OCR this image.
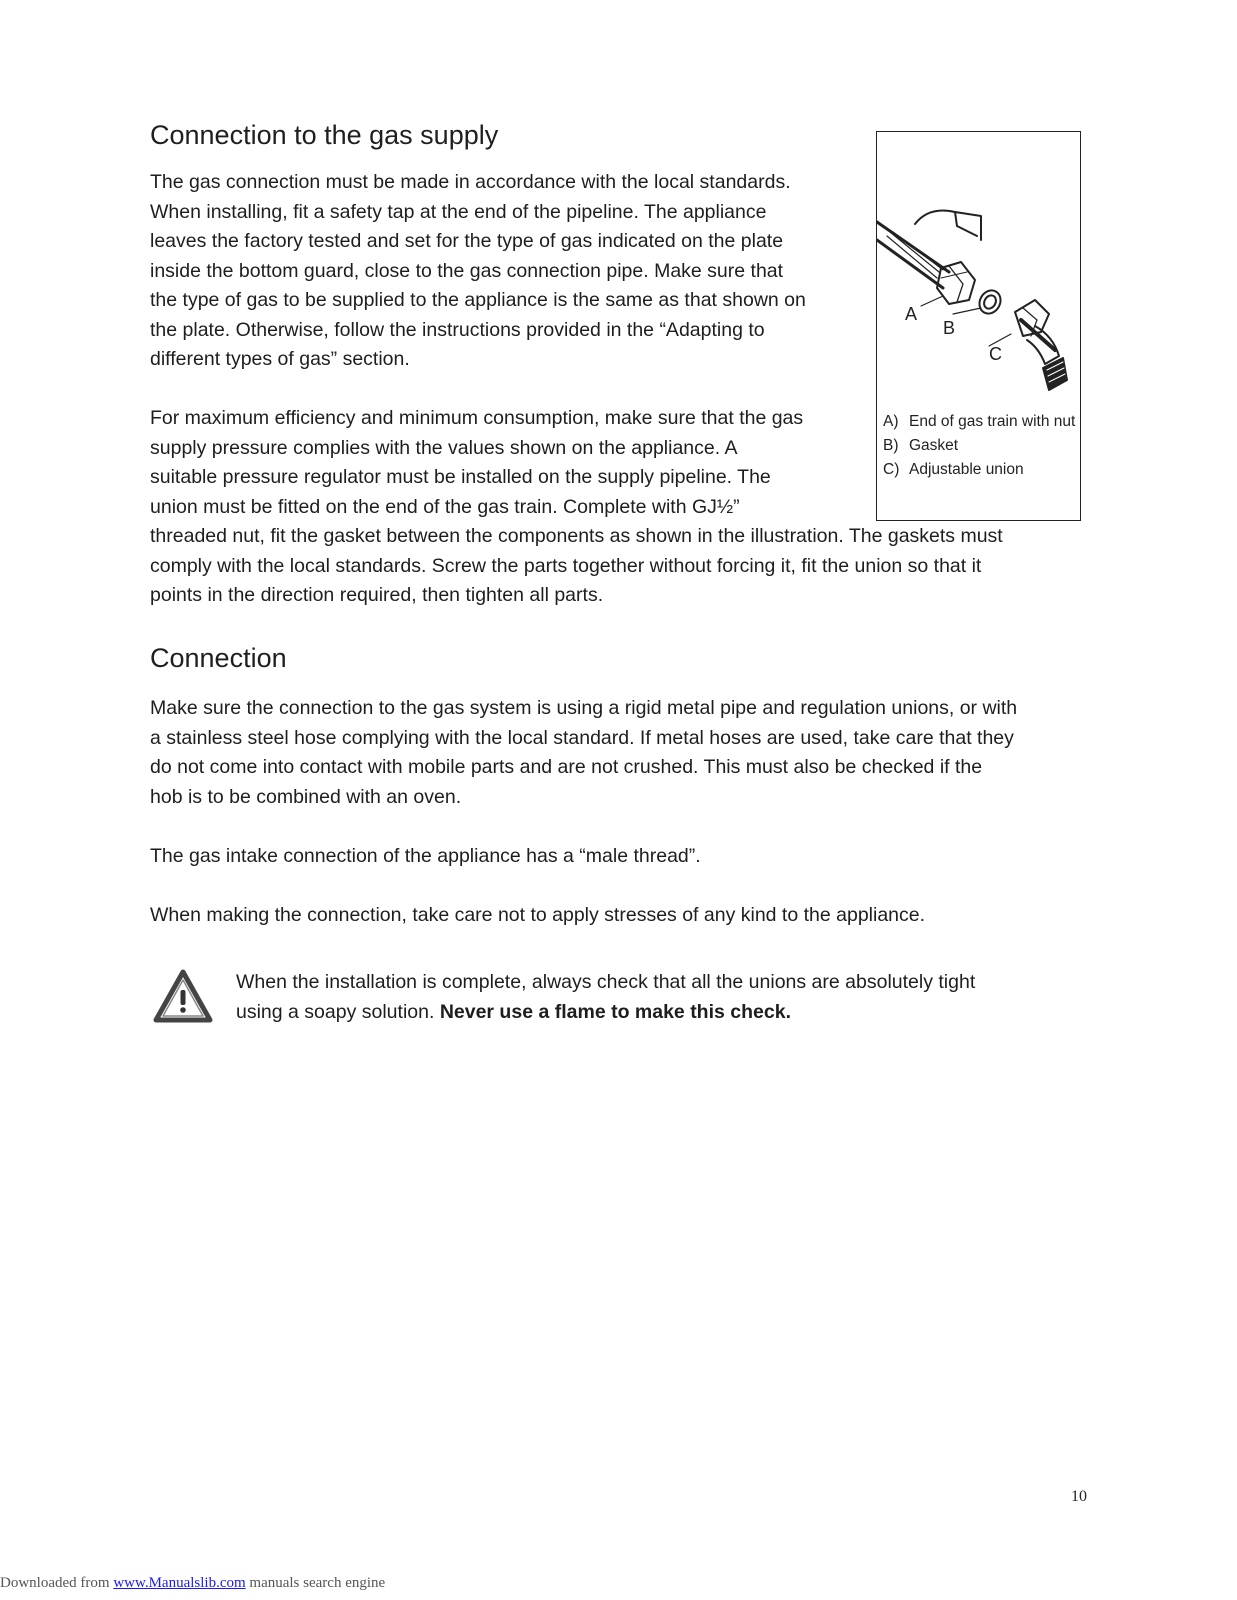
Connection to the gas supply

The gas connection must be made in accordance with the local standards.
When installing, fit a safety tap at the end of the pipeline. The appliance
leaves the factory tested and set for the type of gas indicated on the plate
inside the bottom guard, close to the gas connection pipe. Make sure that
the type of gas to be supplied to the appliance is the same as that shown on
the plate. Otherwise, follow the instructions provided in the “Adapting to
different types of gas” section.

For maximum efficiency and minimum consumption, make sure that the gas
supply pressure complies with the values shown on the appliance. A
suitable pressure regulator must be installed on the supply pipeline. The
union must be fitted on the end of the gas train. Complete with GJ½”
threaded nut, fit the gasket between the components as shown in the illustration. The gaskets must
comply with the local standards. Screw the parts together without forcing it, fit the union so that it
points in the direction required, then tighten all parts.

A
B
C
A) End of gas train with nut
B) Gasket
C) Adjustable union
Connection

Make sure the connection to the gas system is using a rigid metal pipe and regulation unions, or with
a stainless steel hose complying with the local standard. If metal hoses are used, take care that they
do not come into contact with mobile parts and are not crushed. This must also be checked if the
hob is to be combined with an oven.

The gas intake connection of the appliance has a “male thread”.

When making the connection, take care not to apply stresses of any kind to the appliance.

When the installation is complete, always check that all the unions are absolutely tight
using a soapy solution. Never use a flame to make this check.

10
Downloaded from www.Manualslib.com manuals search engine
